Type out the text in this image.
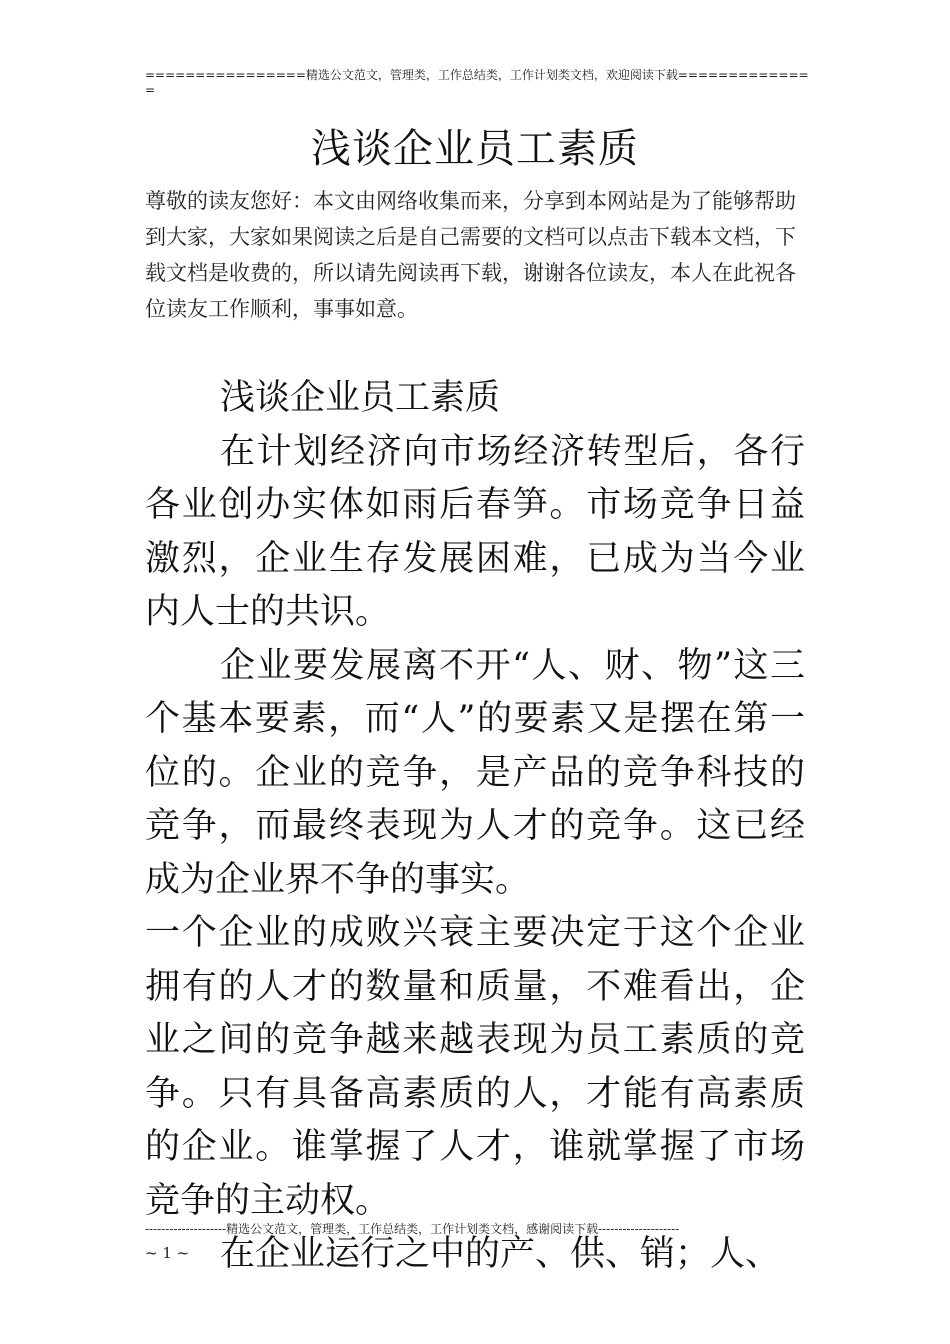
================精选公文范文，管理类，工作总结类，工作计划类文档，欢迎阅读下载==============
浅谈企业员工素质
尊敬的读友您好：本文由网络收集而来，分享到本网站是为了能够帮助到大家，大家如果阅读之后是自己需要的文档可以点击下载本文档，下载文档是收费的，所以请先阅读再下载，谢谢各位读友，本人在此祝各位读友工作顺利，事事如意。

浅谈企业员工素质

在计划经济向市场经济转型后，各行各业创办实体如雨后春笋。市场竞争日益激烈，企业生存发展困难，已成为当今业内人士的共识。

企业要发展离不开“人、财、物”这三个基本要素，而“人”的要素又是摆在第一位的。企业的竞争，是产品的竞争科技的竞争，而最终表现为人才的竞争。这已经成为企业界不争的事实。

一个企业的成败兴衰主要决定于这个企业拥有的人才的数量和质量，不难看出，企业之间的竞争越来越表现为员工素质的竞争。只有具备高素质的人，才能有高素质的企业。谁掌握了人才，谁就掌握了市场竞争的主动权。

在企业运行之中的产、供、销；人、

--------------------精选公文范文，管理类，工作总结类，工作计划类文档，感谢阅读下载--------------------
~ 1 ~
